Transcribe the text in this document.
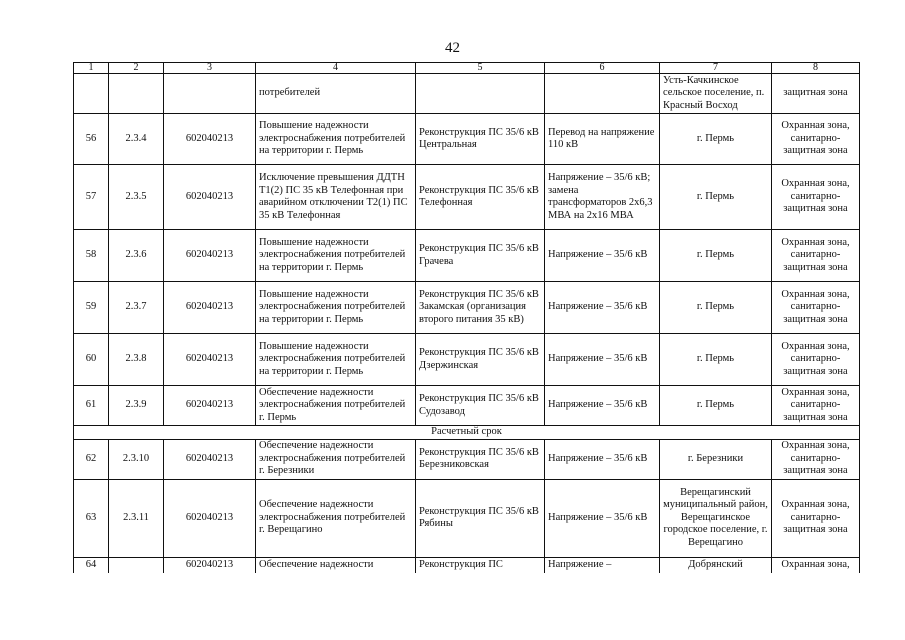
42
1	2	3	4	5	6	7	8
			потребителей			Усть-Качкинское сельское поселение, п. Красный Восход	защитная зона
56	2.3.4	602040213	Повышение надежности электроснабжения потребителей на территории г. Пермь	Реконструкция ПС 35/6 кВ Центральная	Перевод на напряжение 110 кВ	г. Пермь	Охранная зона, санитарно-защитная зона
57	2.3.5	602040213	Исключение превышения ДДТН Т1(2) ПС 35 кВ Телефонная при аварийном отключении Т2(1) ПС 35 кВ Телефонная	Реконструкция ПС 35/6 кВ Телефонная	Напряжение – 35/6 кВ; замена трансформаторов 2х6,3 МВА на 2х16 МВА	г. Пермь	Охранная зона, санитарно-защитная зона
58	2.3.6	602040213	Повышение надежности электроснабжения потребителей на территории г. Пермь	Реконструкция ПС 35/6 кВ Грачева	Напряжение – 35/6 кВ	г. Пермь	Охранная зона, санитарно-защитная зона
59	2.3.7	602040213	Повышение надежности электроснабжения потребителей на территории г. Пермь	Реконструкция ПС 35/6 кВ Закамская (организация второго питания 35 кВ)	Напряжение – 35/6 кВ	г. Пермь	Охранная зона, санитарно-защитная зона
60	2.3.8	602040213	Повышение надежности электроснабжения потребителей на территории г. Пермь	Реконструкция ПС 35/6 кВ Дзержинская	Напряжение – 35/6 кВ	г. Пермь	Охранная зона, санитарно-защитная зона
61	2.3.9	602040213	Обеспечение надежности электроснабжения потребителей г. Пермь	Реконструкция ПС 35/6 кВ Судозавод	Напряжение – 35/6 кВ	г. Пермь	Охранная зона, санитарно-защитная зона
Расчетный срок							
62	2.3.10	602040213	Обеспечение надежности электроснабжения потребителей г. Березники	Реконструкция ПС 35/6 кВ Березниковская	Напряжение – 35/6 кВ	г. Березники	Охранная зона, санитарно-защитная зона
63	2.3.11	602040213	Обеспечение надежности электроснабжения потребителей г. Верещагино	Реконструкция ПС 35/6 кВ Рябины	Напряжение – 35/6 кВ	Верещагинский муниципальный район, Верещагинское городское поселение, г. Верещагино	Охранная зона, санитарно-защитная зона
64		602040213	Обеспечение надежности	Реконструкция ПС	Напряжение –	Добрянский	Охранная зона,
